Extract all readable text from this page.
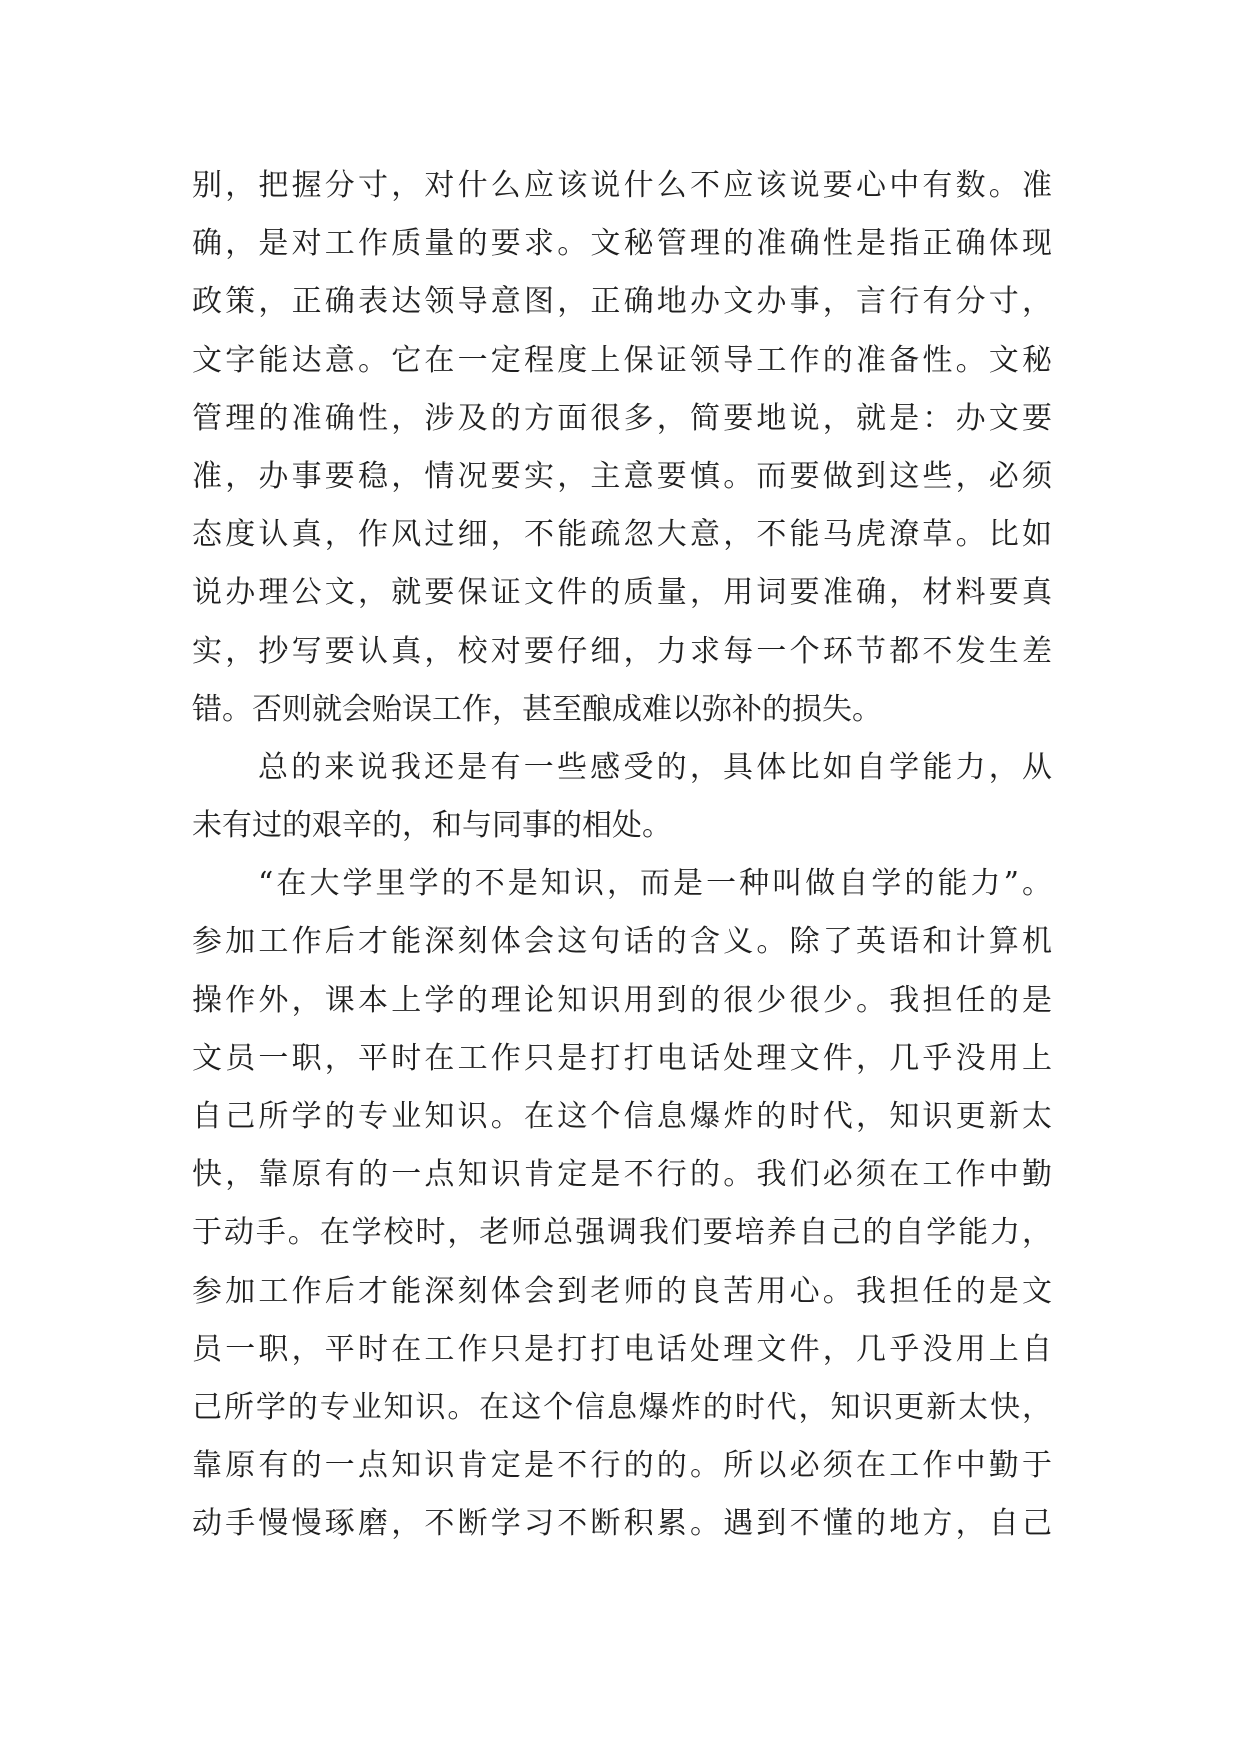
别，把握分寸，对什么应该说什么不应该说要心中有数。准
确，是对工作质量的要求。文秘管理的准确性是指正确体现
政策，正确表达领导意图，正确地办文办事，言行有分寸，
文字能达意。它在一定程度上保证领导工作的准备性。文秘
管理的准确性，涉及的方面很多，简要地说，就是：办文要
准，办事要稳，情况要实，主意要慎。而要做到这些，必须
态度认真，作风过细，不能疏忽大意，不能马虎潦草。比如
说办理公文，就要保证文件的质量，用词要准确，材料要真
实，抄写要认真，校对要仔细，力求每一个环节都不发生差
错。否则就会贻误工作，甚至酿成难以弥补的损失。
总的来说我还是有一些感受的，具体比如自学能力，从
未有过的艰辛的，和与同事的相处。
“在大学里学的不是知识，而是一种叫做自学的能力”。
参加工作后才能深刻体会这句话的含义。除了英语和计算机
操作外，课本上学的理论知识用到的很少很少。我担任的是
文员一职，平时在工作只是打打电话处理文件，几乎没用上
自己所学的专业知识。在这个信息爆炸的时代，知识更新太
快，靠原有的一点知识肯定是不行的。我们必须在工作中勤
于动手。在学校时，老师总强调我们要培养自己的自学能力，
参加工作后才能深刻体会到老师的良苦用心。我担任的是文
员一职，平时在工作只是打打电话处理文件，几乎没用上自
己所学的专业知识。在这个信息爆炸的时代，知识更新太快，
靠原有的一点知识肯定是不行的的。所以必须在工作中勤于
动手慢慢琢磨，不断学习不断积累。遇到不懂的地方，自己
